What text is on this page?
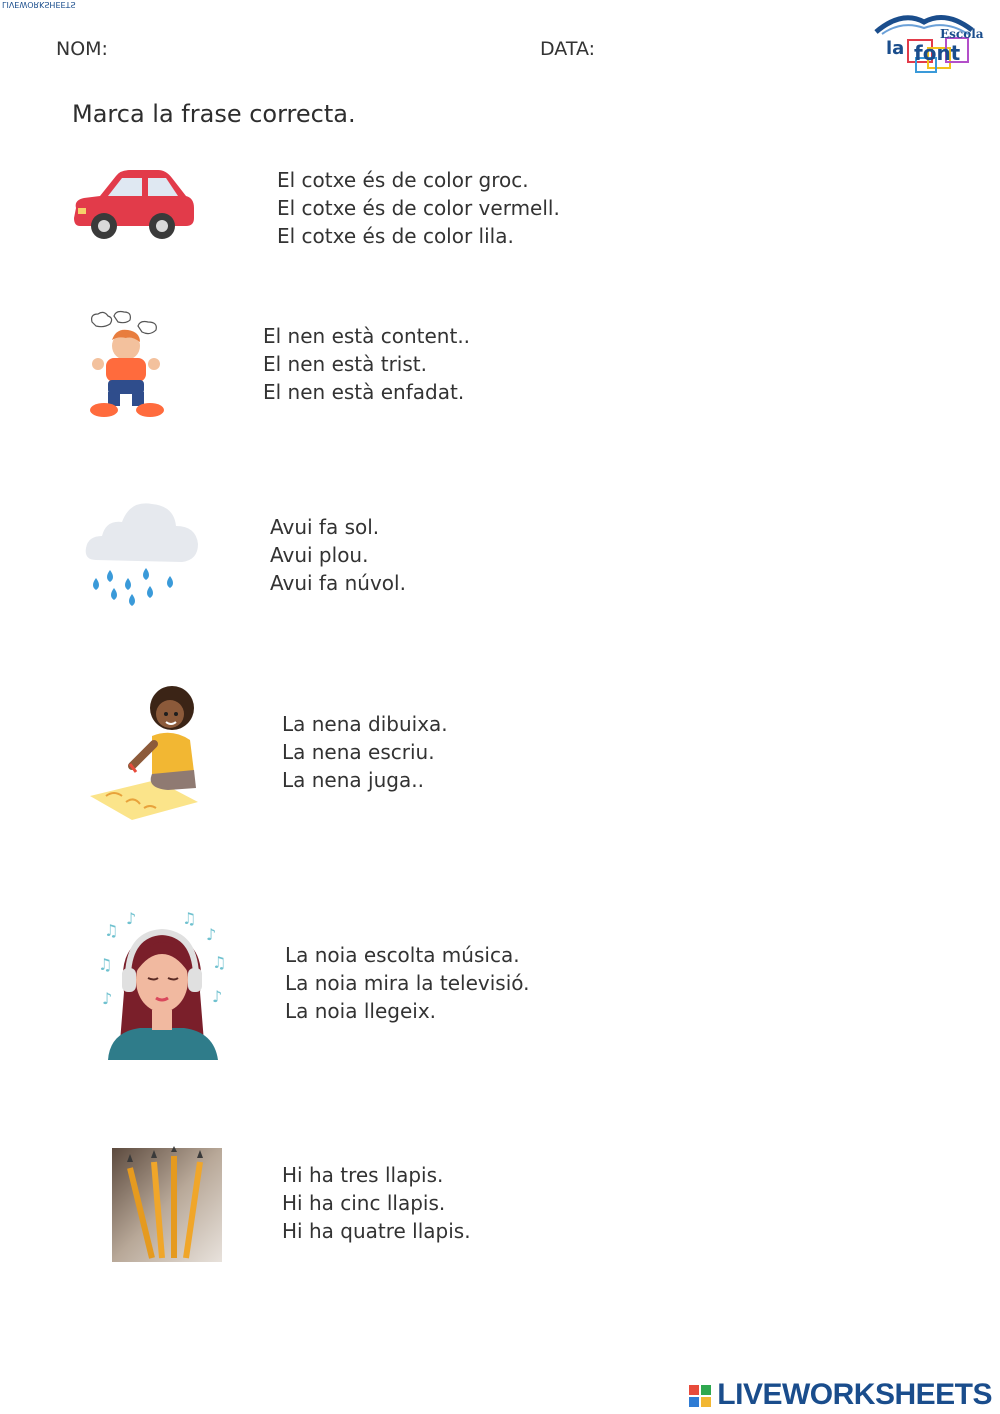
LIVEWORKSHEETS
NOM:	DATA:
Escola
la font
Marca la frase correcta.
El cotxe és de color groc.
El cotxe és de color vermell.
El cotxe és de color lila.
El nen està content..
El nen està trist.
El nen està enfadat.
Avui fa sol.
Avui plou.
Avui fa núvol.
La nena dibuixa.
La nena escriu.
La nena juga..
♫
♪	♫
♪
♫	♫
♪	♪
La noia escolta música.
La noia mira la televisió.
La noia llegeix.
Hi ha tres llapis.
Hi ha cinc llapis.
Hi ha quatre llapis.
LIVEWORKSHEETS
